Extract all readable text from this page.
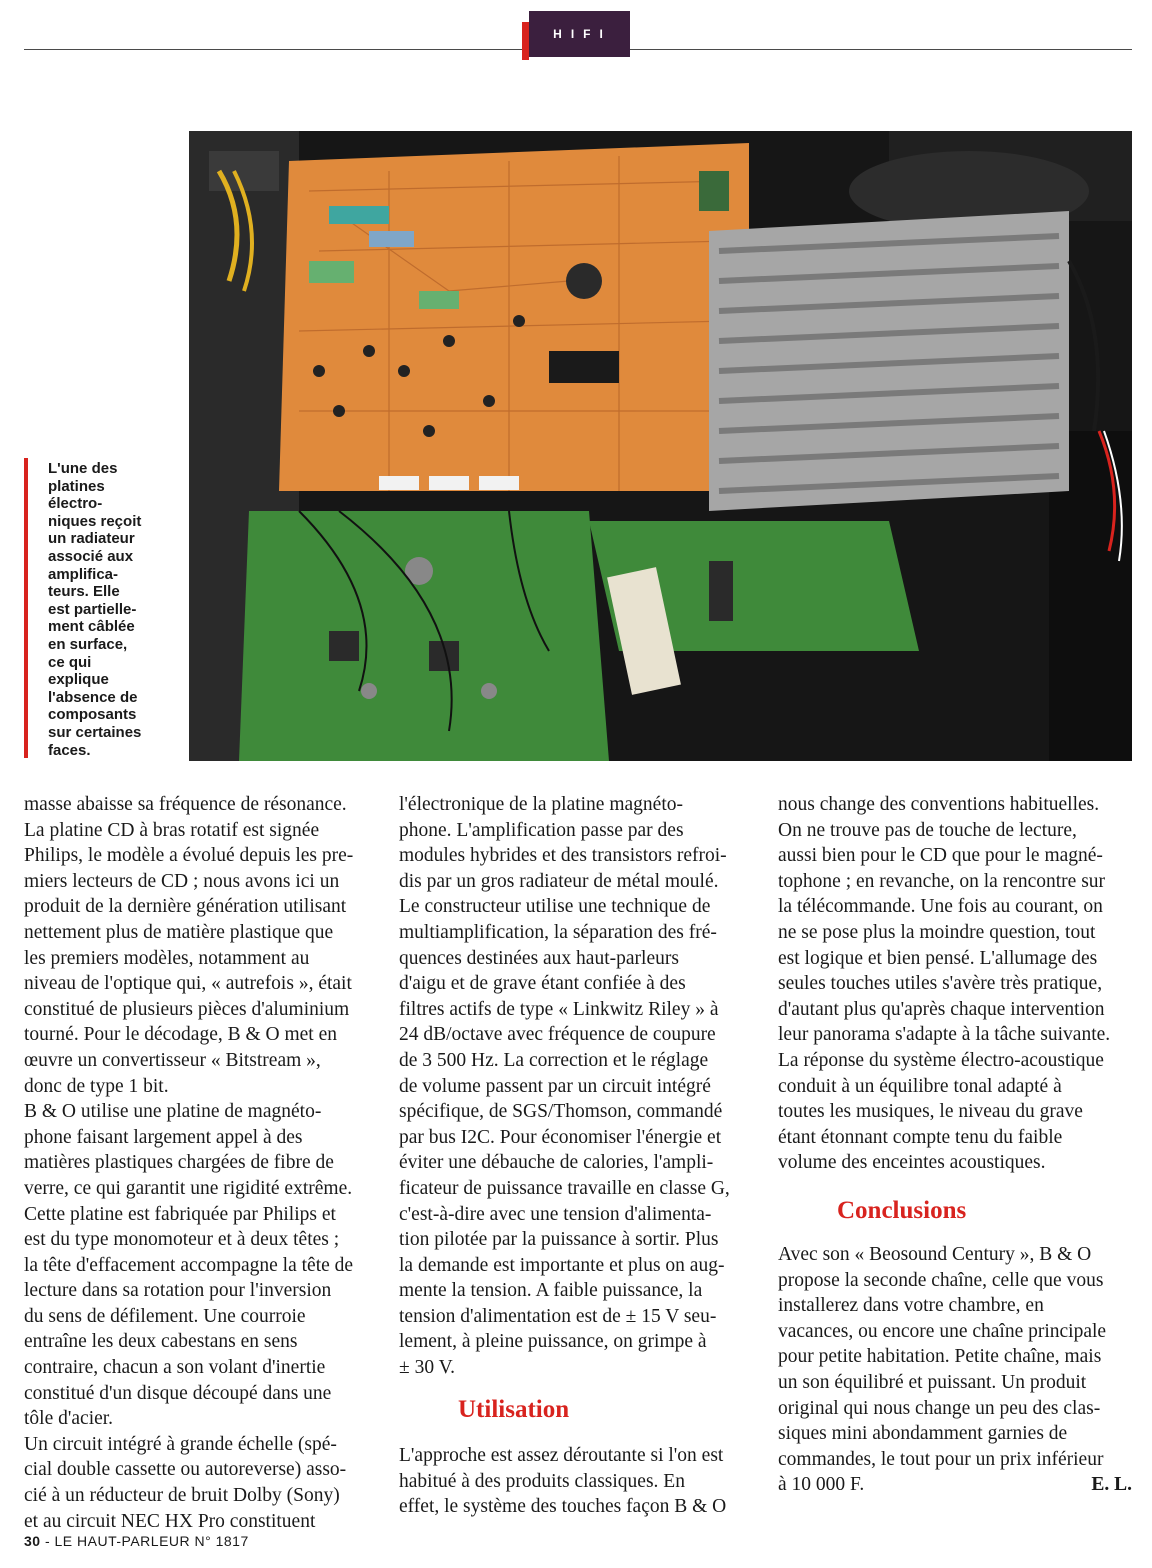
HIFI
L'une des
platines
électro-
niques reçoit
un radiateur
associé aux
amplifica-
teurs. Elle
est partielle-
ment câblée
en surface,
ce qui
explique
l'absence de
composants
sur certaines
faces.
masse abaisse sa fréquence de résonance.
La platine CD à bras rotatif est signée
Philips, le modèle a évolué depuis les pre-
miers lecteurs de CD ; nous avons ici un
produit de la dernière génération utilisant
nettement plus de matière plastique que
les premiers modèles, notamment au
niveau de l'optique qui, « autrefois », était
constitué de plusieurs pièces d'aluminium
tourné. Pour le décodage, B & O met en
œuvre un convertisseur « Bitstream »,
donc de type 1 bit.
B & O utilise une platine de magnéto-
phone faisant largement appel à des
matières plastiques chargées de fibre de
verre, ce qui garantit une rigidité extrême.
Cette platine est fabriquée par Philips et
est du type monomoteur et à deux têtes ;
la tête d'effacement accompagne la tête de
lecture dans sa rotation pour l'inversion
du sens de défilement. Une courroie
entraîne les deux cabestans en sens
contraire, chacun a son volant d'inertie
constitué d'un disque découpé dans une
tôle d'acier.
Un circuit intégré à grande échelle (spé-
cial double cassette ou autoreverse) asso-
cié à un réducteur de bruit Dolby (Sony)
et au circuit NEC HX Pro constituent
l'électronique de la platine magnéto-
phone. L'amplification passe par des
modules hybrides et des transistors refroi-
dis par un gros radiateur de métal moulé.
Le constructeur utilise une technique de
multiamplification, la séparation des fré-
quences destinées aux haut-parleurs
d'aigu et de grave étant confiée à des
filtres actifs de type « Linkwitz Riley » à
24 dB/octave avec fréquence de coupure
de 3 500 Hz. La correction et le réglage
de volume passent par un circuit intégré
spécifique, de SGS/Thomson, commandé
par bus I2C. Pour économiser l'énergie et
éviter une débauche de calories, l'ampli-
ficateur de puissance travaille en classe G,
c'est-à-dire avec une tension d'alimenta-
tion pilotée par la puissance à sortir. Plus
la demande est importante et plus on aug-
mente la tension. A faible puissance, la
tension d'alimentation est de ± 15 V seu-
lement, à pleine puissance, on grimpe à
± 30 V.
Utilisation
L'approche est assez déroutante si l'on est
habitué à des produits classiques. En
effet, le système des touches façon B & O
nous change des conventions habituelles.
On ne trouve pas de touche de lecture,
aussi bien pour le CD que pour le magné-
tophone ; en revanche, on la rencontre sur
la télécommande. Une fois au courant, on
ne se pose plus la moindre question, tout
est logique et bien pensé. L'allumage des
seules touches utiles s'avère très pratique,
d'autant plus qu'après chaque intervention
leur panorama s'adapte à la tâche suivante.
La réponse du système électro-acoustique
conduit à un équilibre tonal adapté à
toutes les musiques, le niveau du grave
étant étonnant compte tenu du faible
volume des enceintes acoustiques.
Conclusions
Avec son « Beosound Century », B & O
propose la seconde chaîne, celle que vous
installerez dans votre chambre, en
vacances, ou encore une chaîne principale
pour petite habitation. Petite chaîne, mais
un son équilibré et puissant. Un produit
original qui nous change un peu des clas-
siques mini abondamment garnies de
commandes, le tout pour un prix inférieur
à 10 000 F.	E. L.
30 - LE HAUT-PARLEUR N° 1817
